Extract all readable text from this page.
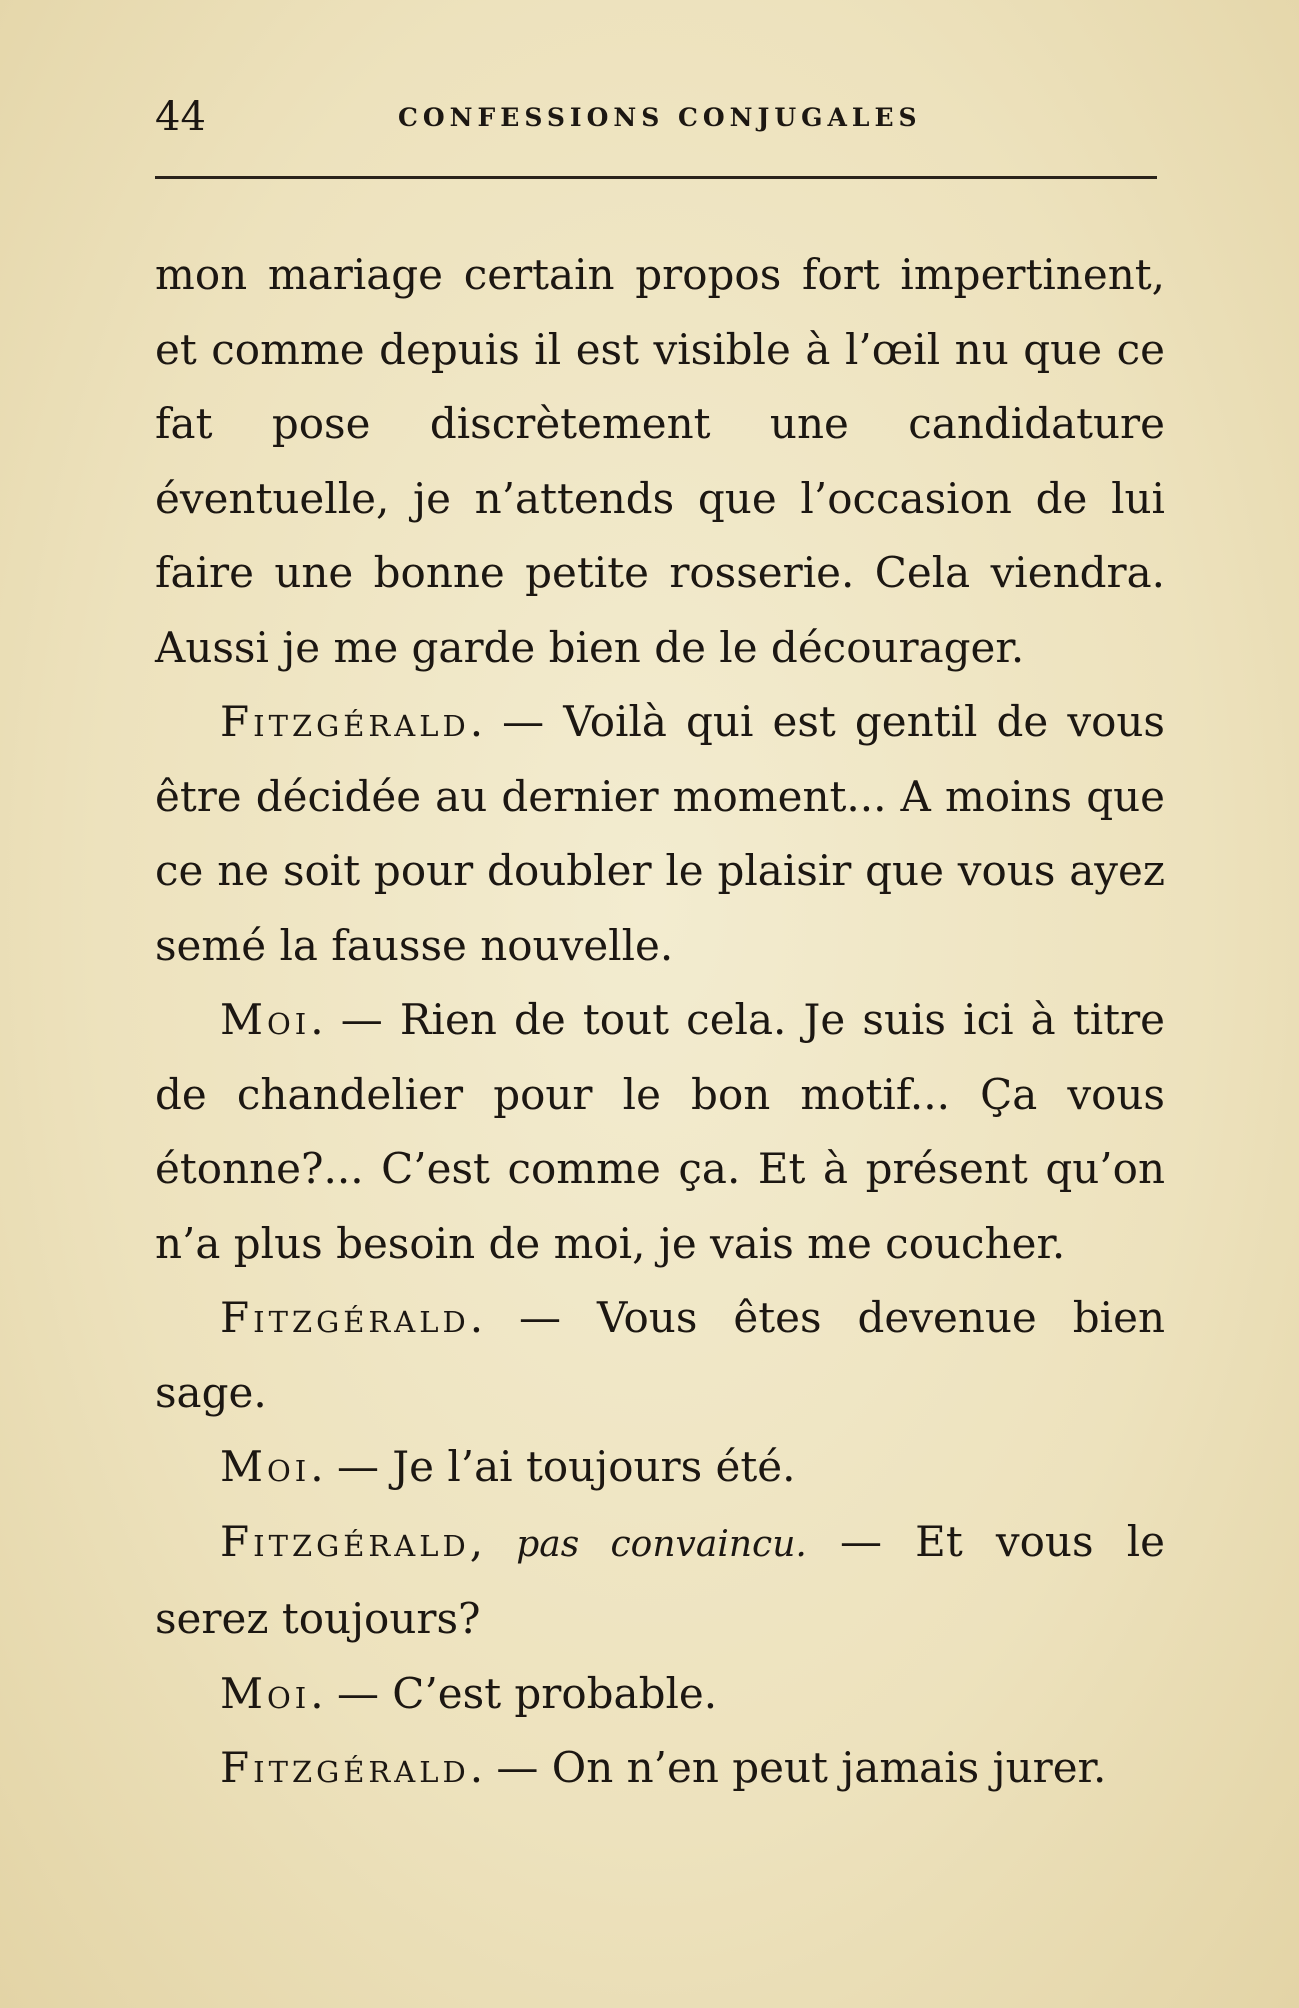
44	CONFESSIONS CONJUGALES

mon mariage certain propos fort impertinent, et comme depuis il est visible à l’œil nu que ce fat pose discrètement une candidature éventuelle, je n’attends que l’occasion de lui faire une bonne petite rosserie. Cela viendra. Aussi je me garde bien de le décourager.

Fitzgérald. — Voilà qui est gentil de vous être décidée au dernier moment... A moins que ce ne soit pour doubler le plaisir que vous ayez semé la fausse nouvelle.

Moi. — Rien de tout cela. Je suis ici à titre de chandelier pour le bon motif... Ça vous étonne?... C’est comme ça. Et à présent qu’on n’a plus besoin de moi, je vais me coucher.

Fitzgérald. — Vous êtes devenue bien sage.

Moi. — Je l’ai toujours été.

Fitzgérald, pas convaincu. — Et vous le serez toujours?

Moi. — C’est probable.

Fitzgérald. — On n’en peut jamais jurer.
